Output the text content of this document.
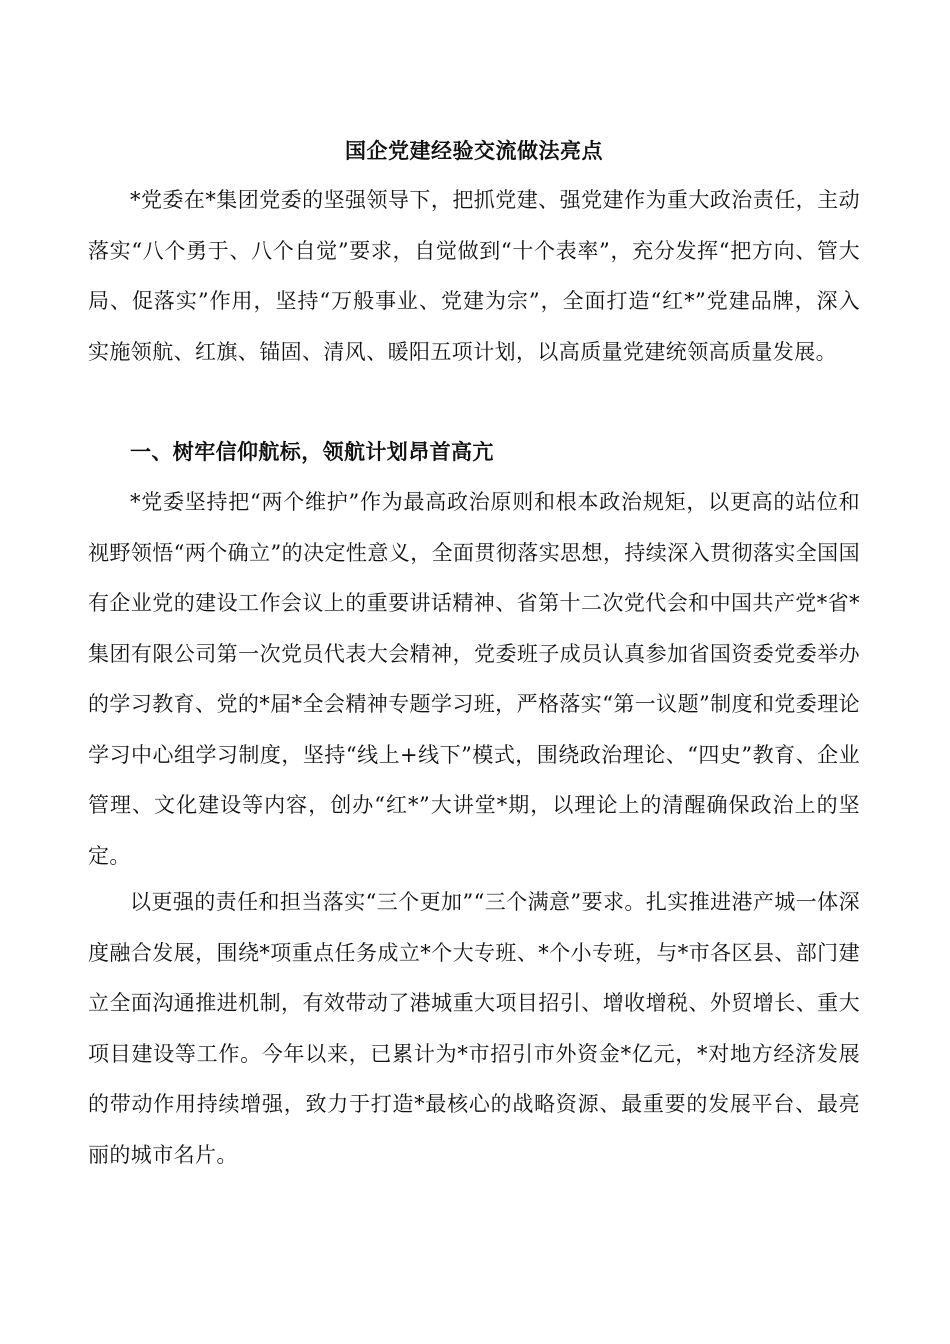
国企党建经验交流做法亮点

*党委在*集团党委的坚强领导下，把抓党建、强党建作为重大政治责任，主动落实“八个勇于、八个自觉”要求，自觉做到“十个表率”，充分发挥“把方向、管大局、促落实”作用，坚持“万般事业、党建为宗”，全面打造“红*”党建品牌，深入实施领航、红旗、锚固、清风、暖阳五项计划，以高质量党建统领高质量发展。

一、树牢信仰航标，领航计划昂首高亢

*党委坚持把“两个维护”作为最高政治原则和根本政治规矩，以更高的站位和视野领悟“两个确立”的决定性意义，全面贯彻落实思想，持续深入贯彻落实全国国有企业党的建设工作会议上的重要讲话精神、省第十二次党代会和中国共产党*省*集团有限公司第一次党员代表大会精神，党委班子成员认真参加省国资委党委举办的学习教育、党的*届*全会精神专题学习班，严格落实“第一议题”制度和党委理论学习中心组学习制度，坚持“线上+线下”模式，围绕政治理论、“四史”教育、企业管理、文化建设等内容，创办“红*”大讲堂*期，以理论上的清醒确保政治上的坚定。

以更强的责任和担当落实“三个更加”“三个满意”要求。扎实推进港产城一体深度融合发展，围绕*项重点任务成立*个大专班、*个小专班，与*市各区县、部门建立全面沟通推进机制，有效带动了港城重大项目招引、增收增税、外贸增长、重大项目建设等工作。今年以来，已累计为*市招引市外资金*亿元，*对地方经济发展的带动作用持续增强，致力于打造*最核心的战略资源、最重要的发展平台、最亮丽的城市名片。
